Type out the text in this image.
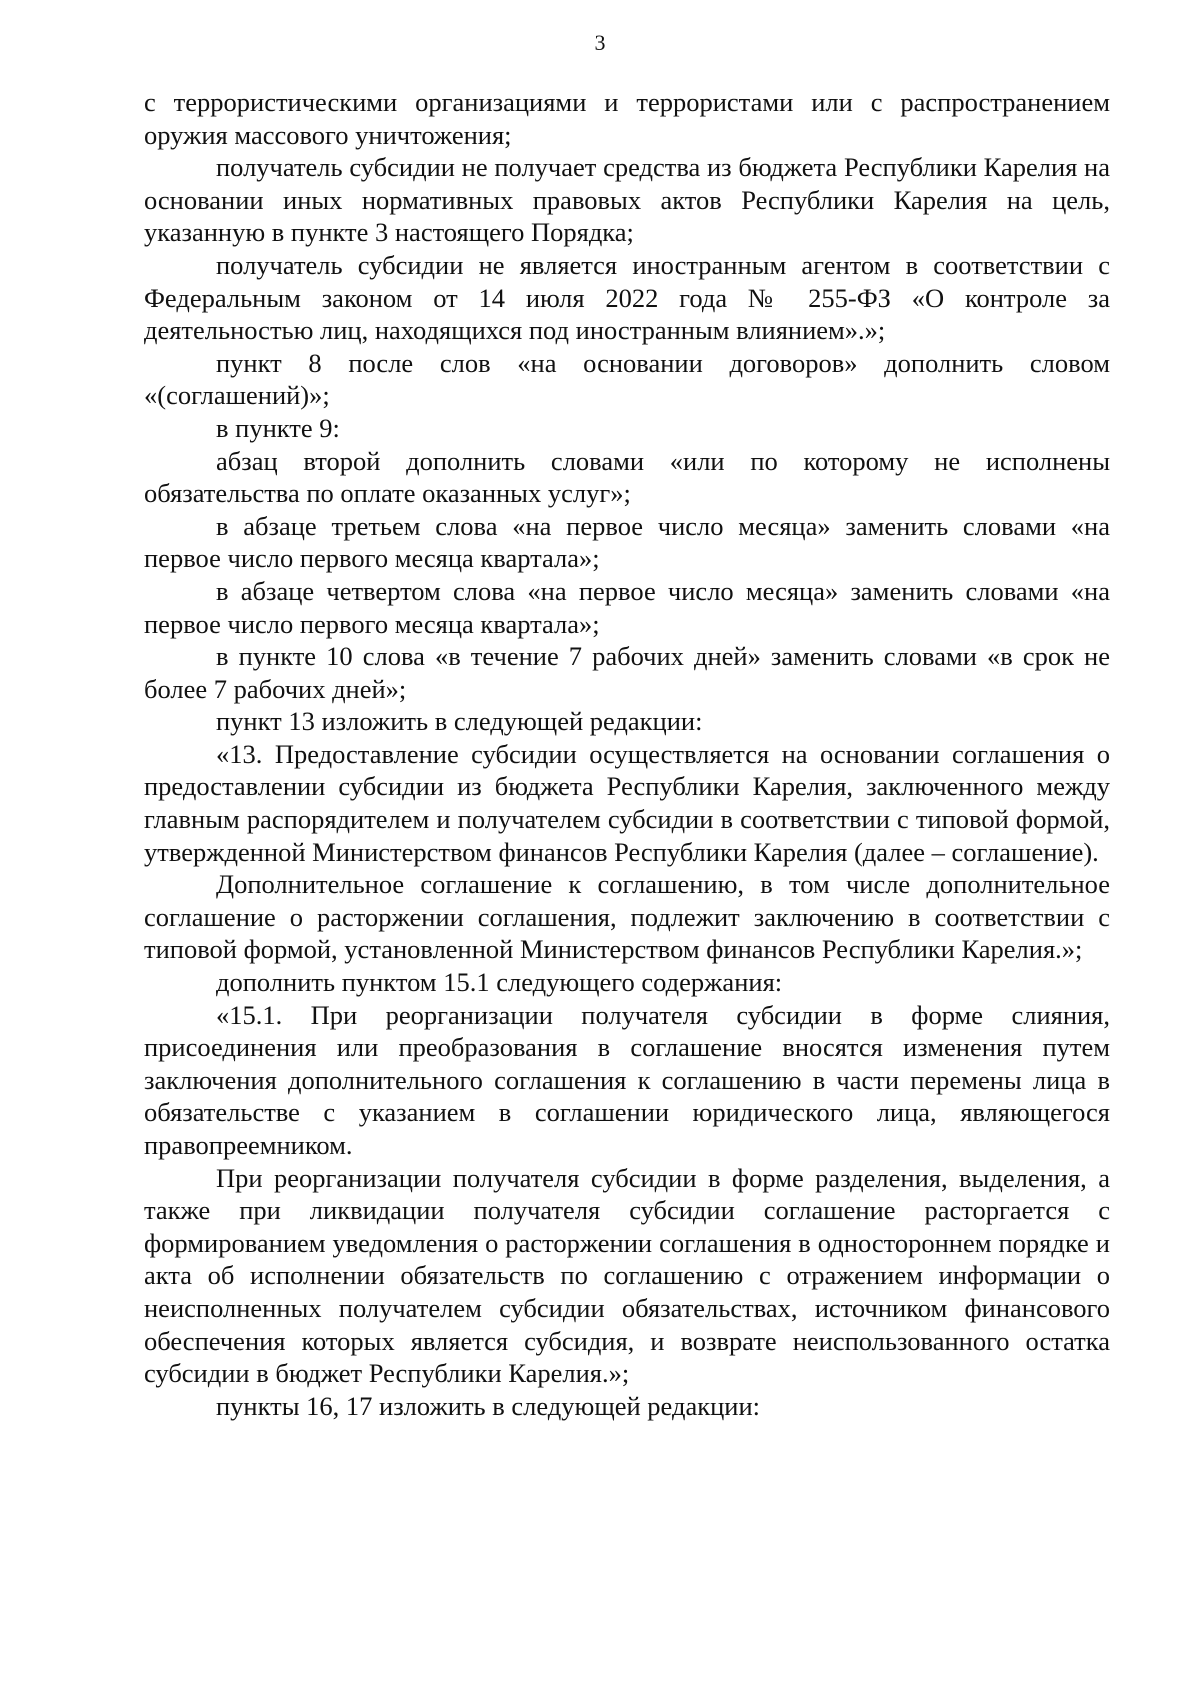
3

с террористическими организациями и террористами или с распространением оружия массового уничтожения;

получатель субсидии не получает средства из бюджета Республики Карелия на основании иных нормативных правовых актов Республики Карелия на цель, указанную в пункте 3 настоящего Порядка;

получатель субсидии не является иностранным агентом в соответствии с Федеральным законом от 14 июля 2022 года № 255-ФЗ «О контроле за деятельностью лиц, находящихся под иностранным влиянием».»;

пункт 8 после слов «на основании договоров» дополнить словом «(соглашений)»;

в пункте 9:

абзац второй дополнить словами «или по которому не исполнены обязательства по оплате оказанных услуг»;

в абзаце третьем слова «на первое число месяца» заменить словами «на первое число первого месяца квартала»;

в абзаце четвертом слова «на первое число месяца» заменить словами «на первое число первого месяца квартала»;

в пункте 10 слова «в течение 7 рабочих дней» заменить словами «в срок не более 7 рабочих дней»;

пункт 13 изложить в следующей редакции:

«13. Предоставление субсидии осуществляется на основании соглашения о предоставлении субсидии из бюджета Республики Карелия, заключенного между главным распорядителем и получателем субсидии в соответствии с типовой формой, утвержденной Министерством финансов Республики Карелия (далее – соглашение).

Дополнительное соглашение к соглашению, в том числе дополнительное соглашение о расторжении соглашения, подлежит заключению в соответствии с типовой формой, установленной Министерством финансов Республики Карелия.»;

дополнить пунктом 15.1 следующего содержания:

«15.1. При реорганизации получателя субсидии в форме слияния, присоединения или преобразования в соглашение вносятся изменения путем заключения дополнительного соглашения к соглашению в части перемены лица в обязательстве с указанием в соглашении юридического лица, являющегося правопреемником.

При реорганизации получателя субсидии в форме разделения, выделения, а также при ликвидации получателя субсидии соглашение расторгается с формированием уведомления о расторжении соглашения в одностороннем порядке и акта об исполнении обязательств по соглашению с отражением информации о неисполненных получателем субсидии обязательствах, источником финансового обеспечения которых является субсидия, и возврате неиспользованного остатка субсидии в бюджет Республики Карелия.»;

пункты 16, 17 изложить в следующей редакции:
